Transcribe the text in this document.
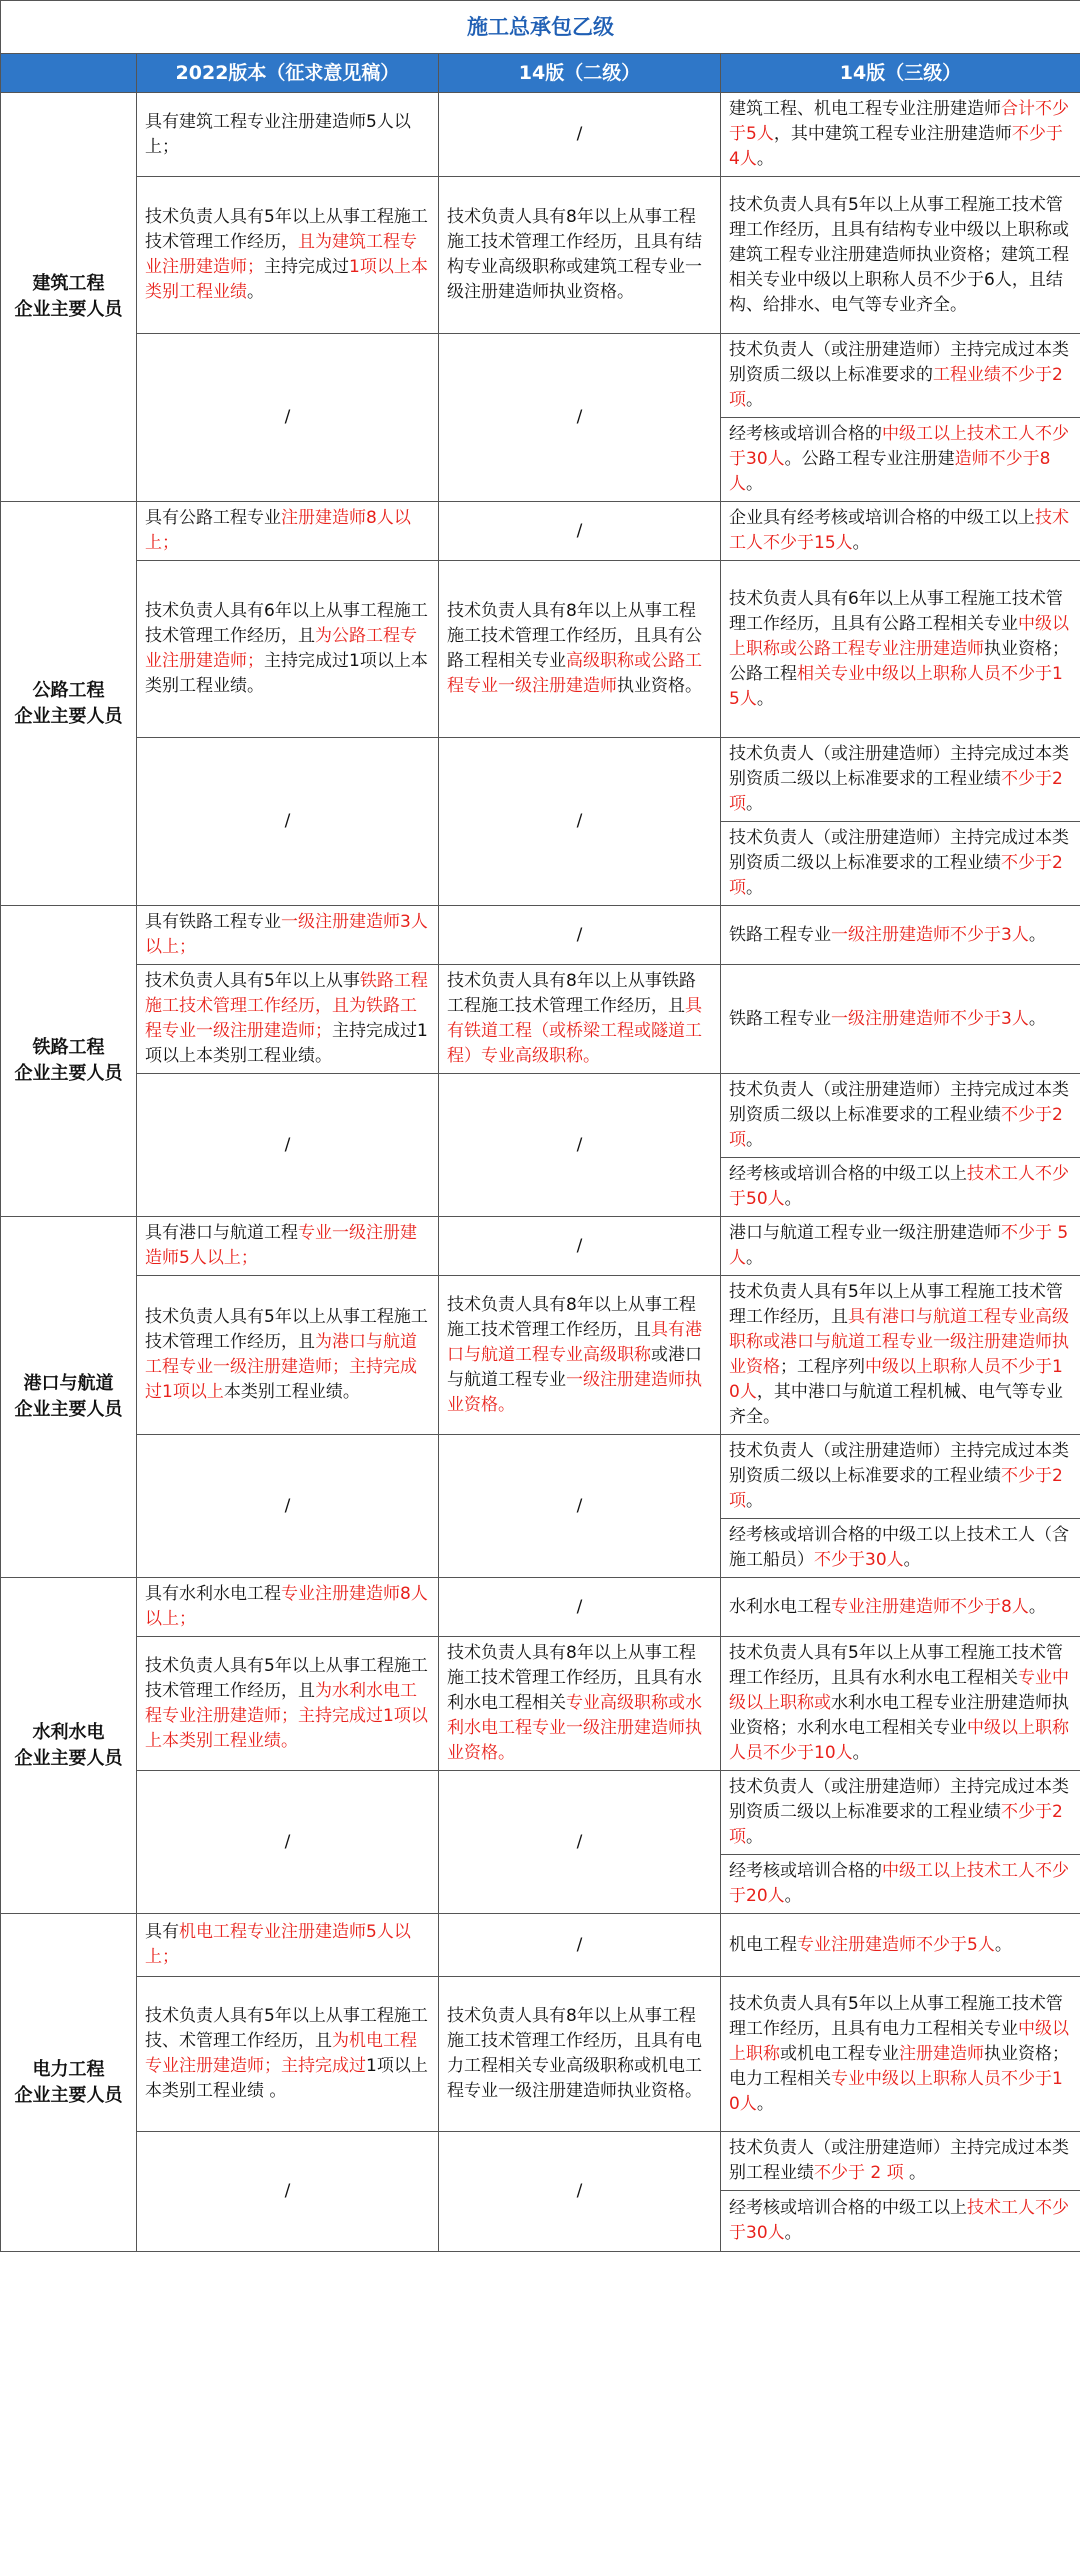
施工总承包乙级			
	2022版本（征求意见稿）	14版（二级）	14版（三级）
建筑工程
企业主要人员	具有建筑工程专业注册建造师5人以上；	/	建筑工程、机电工程专业注册建造师合计不少于5人，其中建筑工程专业注册建造师不少于4人。
	技术负责人具有5年以上从事工程施工技术管理工作经历，且为建筑工程专业注册建造师；主持完成过1项以上本类别工程业绩。	技术负责人具有8年以上从事工程施工技术管理工作经历，且具有结构专业高级职称或建筑工程专业一级注册建造师执业资格。	技术负责人具有5年以上从事工程施工技术管理工作经历，且具有结构专业中级以上职称或建筑工程专业注册建造师执业资格；建筑工程相关专业中级以上职称人员不少于6人，且结构、给排水、电气等专业齐全。
	/	/	技术负责人（或注册建造师）主持完成过本类别资质二级以上标准要求的工程业绩不少于2项。
			经考核或培训合格的中级工以上技术工人不少于30人。公路工程专业注册建造师不少于8人。
公路工程
企业主要人员	具有公路工程专业注册建造师8人以上；	/	企业具有经考核或培训合格的中级工以上技术工人不少于15人。
	技术负责人具有6年以上从事工程施工技术管理工作经历，且为公路工程专业注册建造师；主持完成过1项以上本类别工程业绩。	技术负责人具有8年以上从事工程施工技术管理工作经历，且具有公路工程相关专业高级职称或公路工程专业一级注册建造师执业资格。	技术负责人具有6年以上从事工程施工技术管理工作经历，且具有公路工程相关专业中级以上职称或公路工程专业注册建造师执业资格；公路工程相关专业中级以上职称人员不少于15人。
	/	/	技术负责人（或注册建造师）主持完成过本类别资质二级以上标准要求的工程业绩不少于2项。
			技术负责人（或注册建造师）主持完成过本类别资质二级以上标准要求的工程业绩不少于2项。
铁路工程
企业主要人员	具有铁路工程专业一级注册建造师3人以上；	/	铁路工程专业一级注册建造师不少于3人。
	技术负责人具有5年以上从事铁路工程施工技术管理工作经历，且为铁路工程专业一级注册建造师；主持完成过1项以上本类别工程业绩。	技术负责人具有8年以上从事铁路工程施工技术管理工作经历，且具有铁道工程（或桥梁工程或隧道工程）专业高级职称。	铁路工程专业一级注册建造师不少于3人。
	/	/	技术负责人（或注册建造师）主持完成过本类别资质二级以上标准要求的工程业绩不少于2项。
			经考核或培训合格的中级工以上技术工人不少于50人。
港口与航道
企业主要人员	具有港口与航道工程专业一级注册建造师5人以上；	/	港口与航道工程专业一级注册建造师不少于 5 人。
	技术负责人具有5年以上从事工程施工技术管理工作经历，且为港口与航道工程专业一级注册建造师；主持完成过1项以上本类别工程业绩。	技术负责人具有8年以上从事工程施工技术管理工作经历，且具有港口与航道工程专业高级职称或港口与航道工程专业一级注册建造师执业资格。	技术负责人具有5年以上从事工程施工技术管理工作经历，且具有港口与航道工程专业高级职称或港口与航道工程专业一级注册建造师执业资格；工程序列中级以上职称人员不少于10人，其中港口与航道工程机械、电气等专业齐全。
	/	/	技术负责人（或注册建造师）主持完成过本类别资质二级以上标准要求的工程业绩不少于2项。
			经考核或培训合格的中级工以上技术工人（含施工船员）不少于30人。
水利水电
企业主要人员	具有水利水电工程专业注册建造师8人以上；	/	水利水电工程专业注册建造师不少于8人。
	技术负责人具有5年以上从事工程施工技术管理工作经历，且为水利水电工程专业注册建造师；主持完成过1项以上本类别工程业绩。	技术负责人具有8年以上从事工程施工技术管理工作经历，且具有水利水电工程相关专业高级职称或水利水电工程专业一级注册建造师执业资格。	技术负责人具有5年以上从事工程施工技术管理工作经历，且具有水利水电工程相关专业中级以上职称或水利水电工程专业注册建造师执业资格；水利水电工程相关专业中级以上职称人员不少于10人。
	/	/	技术负责人（或注册建造师）主持完成过本类别资质二级以上标准要求的工程业绩不少于2项。
			经考核或培训合格的中级工以上技术工人不少于20人。
电力工程
企业主要人员	具有机电工程专业注册建造师5人以上；	/	机电工程专业注册建造师不少于5人。
	技术负责人具有5年以上从事工程施工技、术管理工作经历，且为机电工程专业注册建造师；主持完成过1项以上本类别工程业绩 。	技术负责人具有8年以上从事工程施工技术管理工作经历，且具有电力工程相关专业高级职称或机电工程专业一级注册建造师执业资格。	技术负责人具有5年以上从事工程施工技术管理工作经历，且具有电力工程相关专业中级以上职称或机电工程专业注册建造师执业资格；电力工程相关专业中级以上职称人员不少于10人。
	/	/	技术负责人（或注册建造师）主持完成过本类别工程业绩不少于 2 项 。
			经考核或培训合格的中级工以上技术工人不少于30人。
